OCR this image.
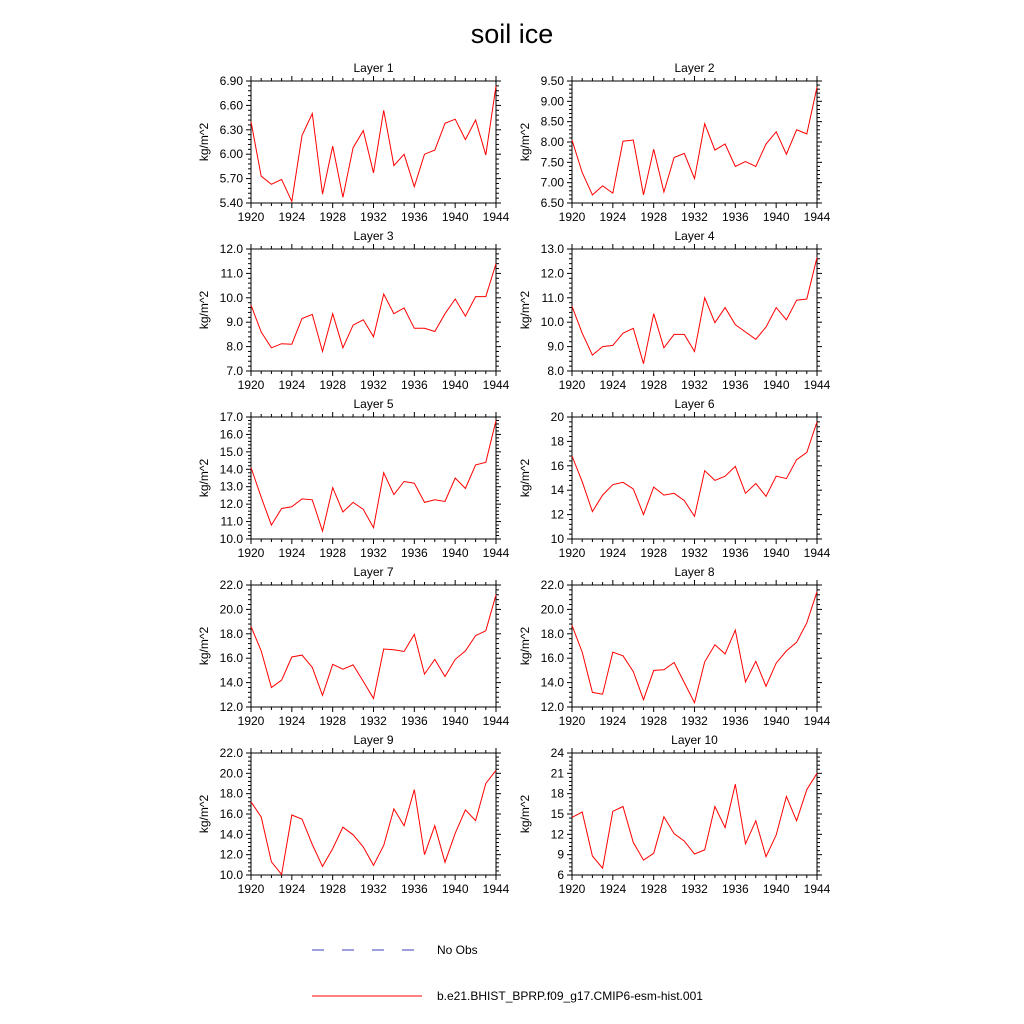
soil ice
Layer 1
kg/m^2
5.40
5.70
6.00
6.30
6.60
6.90
1920 1924 1928 1932 1936 1940 1944
Layer 2
kg/m^2
6.50
7.00
7.50
8.00
8.50
9.00
9.50
1920 1924 1928 1932 1936 1940 1944
Layer 3
kg/m^2
7.0
8.0
9.0
10.0
11.0
12.0
1920 1924 1928 1932 1936 1940 1944
Layer 4
kg/m^2
8.0
9.0
10.0
11.0
12.0
13.0
1920 1924 1928 1932 1936 1940 1944
Layer 5
kg/m^2
10.0
11.0
12.0
13.0
14.0
15.0
16.0
17.0
1920 1924 1928 1932 1936 1940 1944
Layer 6
kg/m^2
10
12
14
16
18
20
1920 1924 1928 1932 1936 1940 1944
Layer 7
kg/m^2
12.0
14.0
16.0
18.0
20.0
22.0
1920 1924 1928 1932 1936 1940 1944
Layer 8
kg/m^2
12.0
14.0
16.0
18.0
20.0
22.0
1920 1924 1928 1932 1936 1940 1944
Layer 9
kg/m^2
10.0
12.0
14.0
16.0
18.0
20.0
22.0
1920 1924 1928 1932 1936 1940 1944
Layer 10
kg/m^2
6
9
12
15
18
21
24
1920 1924 1928 1932 1936 1940 1944
No Obs
b.e21.BHIST_BPRP.f09_g17.CMIP6-esm-hist.001
